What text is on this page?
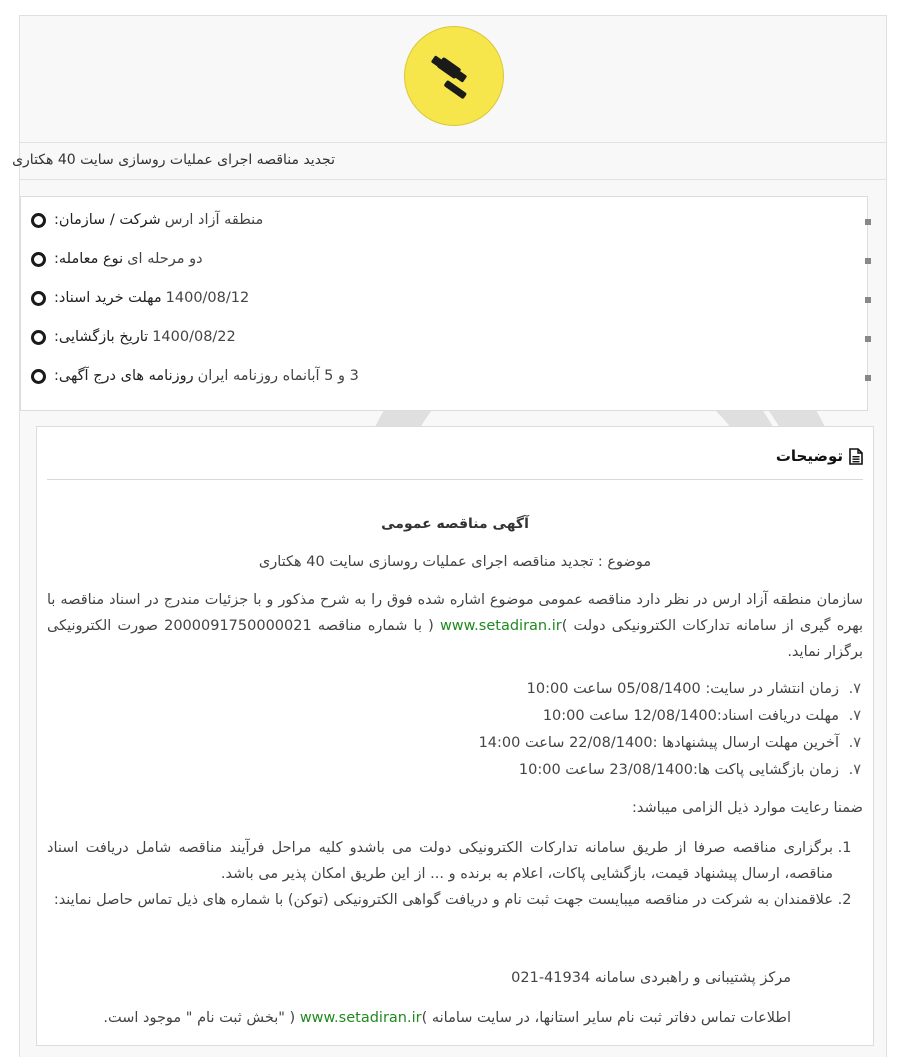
تجدید مناقصه اجرای عملیات روسازی سایت 40 هکتاری
شرکت / سازمان: منطقه آزاد ارس
نوع معامله: دو مرحله ای
مهلت خرید اسناد: 1400/08/12
تاریخ بازگشایی: 1400/08/22
روزنامه های درج آگهی: 3 و 5 آبانماه روزنامه ایران
توضیحات
آگهی مناقصه عمومی
موضوع : تجدید مناقصه اجرای عملیات روسازی سایت 40 هکتاری
سازمان منطقه آزاد ارس در نظر دارد مناقصه عمومی موضوع اشاره شده فوق را به شرح مذکور و با جزئیات مندرج در اسناد مناقصه با بهره گیری از سامانه تدارکات الکترونیکی دولت )www.setadiran.ir ( با شماره مناقصه 2000091750000021 صورت الکترونیکی برگزار نماید.
٧. زمان انتشار در سایت: 05/08/1400 ساعت 10:00
٧. مهلت دریافت اسناد:12/08/1400 ساعت 10:00
٧. آخرین مهلت ارسال پیشنهادها :22/08/1400 ساعت 14:00
٧. زمان بازگشایی پاکت ها:23/08/1400 ساعت 10:00
ضمنا رعایت موارد ذیل الزامی میباشد:
1. برگزاری مناقصه صرفا از طریق سامانه تدارکات الکترونیکی دولت می باشدو کلیه مراحل فرآیند مناقصه شامل دریافت اسناد مناقصه، ارسال پیشنهاد قیمت، بازگشایی پاکات، اعلام به برنده و ... از این طریق امکان پذیر می باشد.
2. علاقمندان به شرکت در مناقصه میبایست جهت ثبت نام و دریافت گواهی الکترونیکی (توکن) با شماره های ذیل تماس حاصل نمایند:
مرکز پشتیبانی و راهبردی سامانه 41934-021
اطلاعات تماس دفاتر ثبت نام سایر استانها، در سایت سامانه )www.setadiran.ir ( "بخش ثبت نام " موجود است.
